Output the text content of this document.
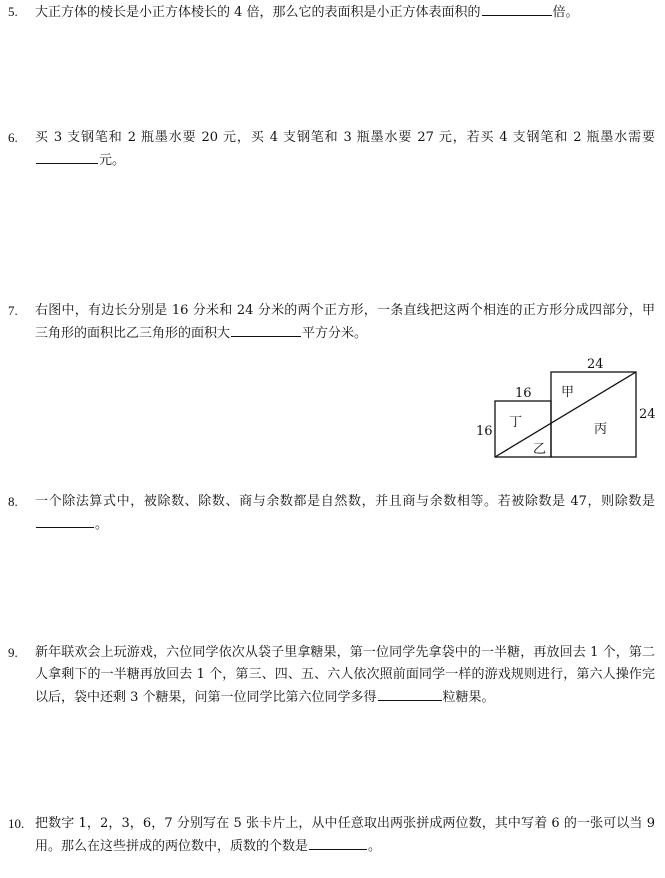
5. 大正方体的棱长是小正方体棱长的 4 倍，那么它的表面积是小正方体表面积的	倍。
6. 买 3 支钢笔和 2 瓶墨水要 20 元，买 4 支钢笔和 3 瓶墨水要 27 元，若买 4 支钢笔和 2 瓶墨水需要元。
7. 右图中，有边长分别是 16 分米和 24 分米的两个正方形，一条直线把这两个相连的正方形分成四部分，甲三角形的面积比乙三角形的面积大	平方分米。
16
16
24
24
甲
丁
乙
丙
8. 一个除法算式中，被除数、除数、商与余数都是自然数，并且商与余数相等。若被除数是 47，则除数是。
9. 新年联欢会上玩游戏，六位同学依次从袋子里拿糖果，第一位同学先拿袋中的一半糖，再放回去 1 个，第二人拿剩下的一半糖再放回去 1 个，第三、四、五、六人依次照前面同学一样的游戏规则进行，第六人操作完以后，袋中还剩 3 个糖果，问第一位同学比第六位同学多得	粒糖果。
10. 把数字 1，2，3，6，7 分别写在 5 张卡片上，从中任意取出两张拼成两位数，其中写着 6 的一张可以当 9 用。那么在这些拼成的两位数中，质数的个数是	。
